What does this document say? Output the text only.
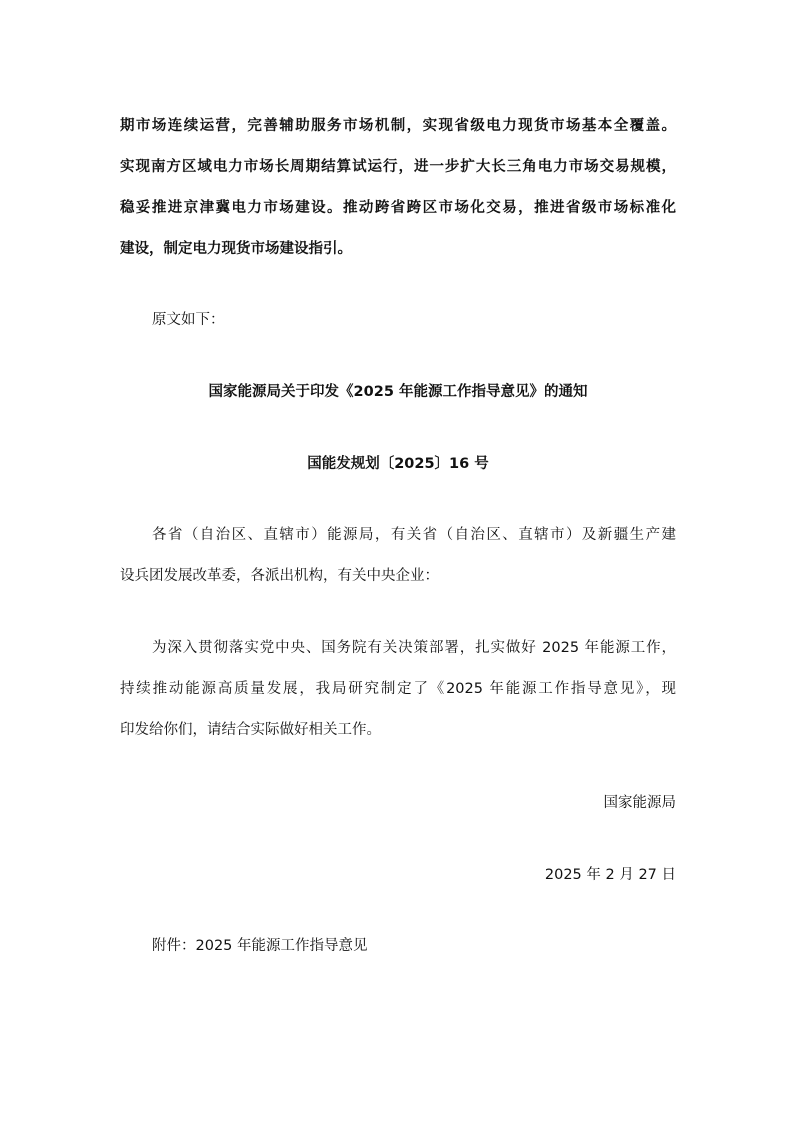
期市场连续运营，完善辅助服务市场机制，实现省级电力现货市场基本全覆盖。
实现南方区域电力市场长周期结算试运行，进一步扩大长三角电力市场交易规模，
稳妥推进京津冀电力市场建设。推动跨省跨区市场化交易，推进省级市场标准化
建设，制定电力现货市场建设指引。
原文如下：
国家能源局关于印发《2025 年能源工作指导意见》的通知
国能发规划〔2025〕16 号
各省（自治区、直辖市）能源局，有关省（自治区、直辖市）及新疆生产建
设兵团发展改革委，各派出机构，有关中央企业：
为深入贯彻落实党中央、国务院有关决策部署，扎实做好 2025 年能源工作，
持续推动能源高质量发展，我局研究制定了《2025 年能源工作指导意见》，现
印发给你们，请结合实际做好相关工作。
国家能源局
2025 年 2 月 27 日
附件：2025 年能源工作指导意见
